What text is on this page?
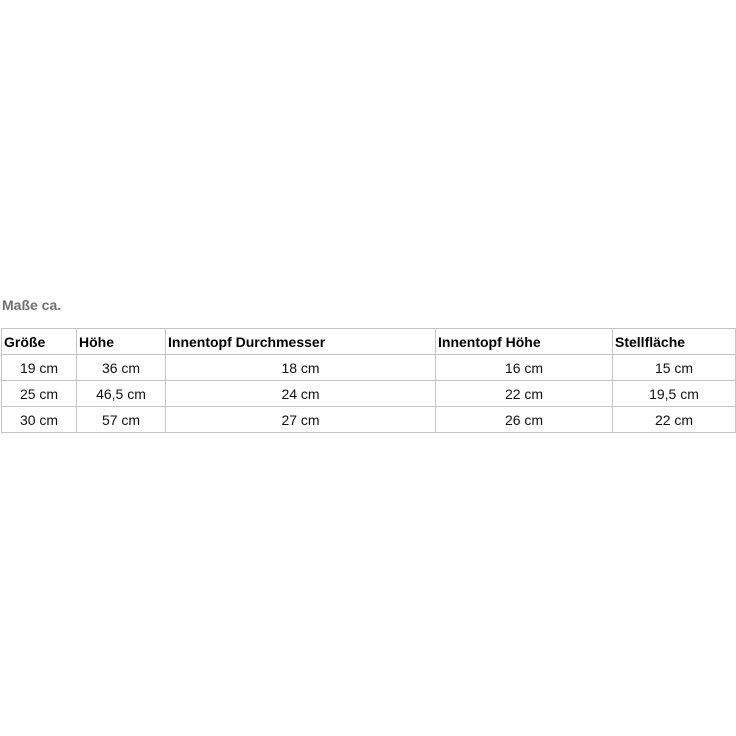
Maße ca.

Größe	Höhe	Innentopf Durchmesser	Innentopf Höhe	Stellfläche
19 cm	36 cm	18 cm	16 cm	15 cm
25 cm	46,5 cm	24 cm	22 cm	19,5 cm
30 cm	57 cm	27 cm	26 cm	22 cm
